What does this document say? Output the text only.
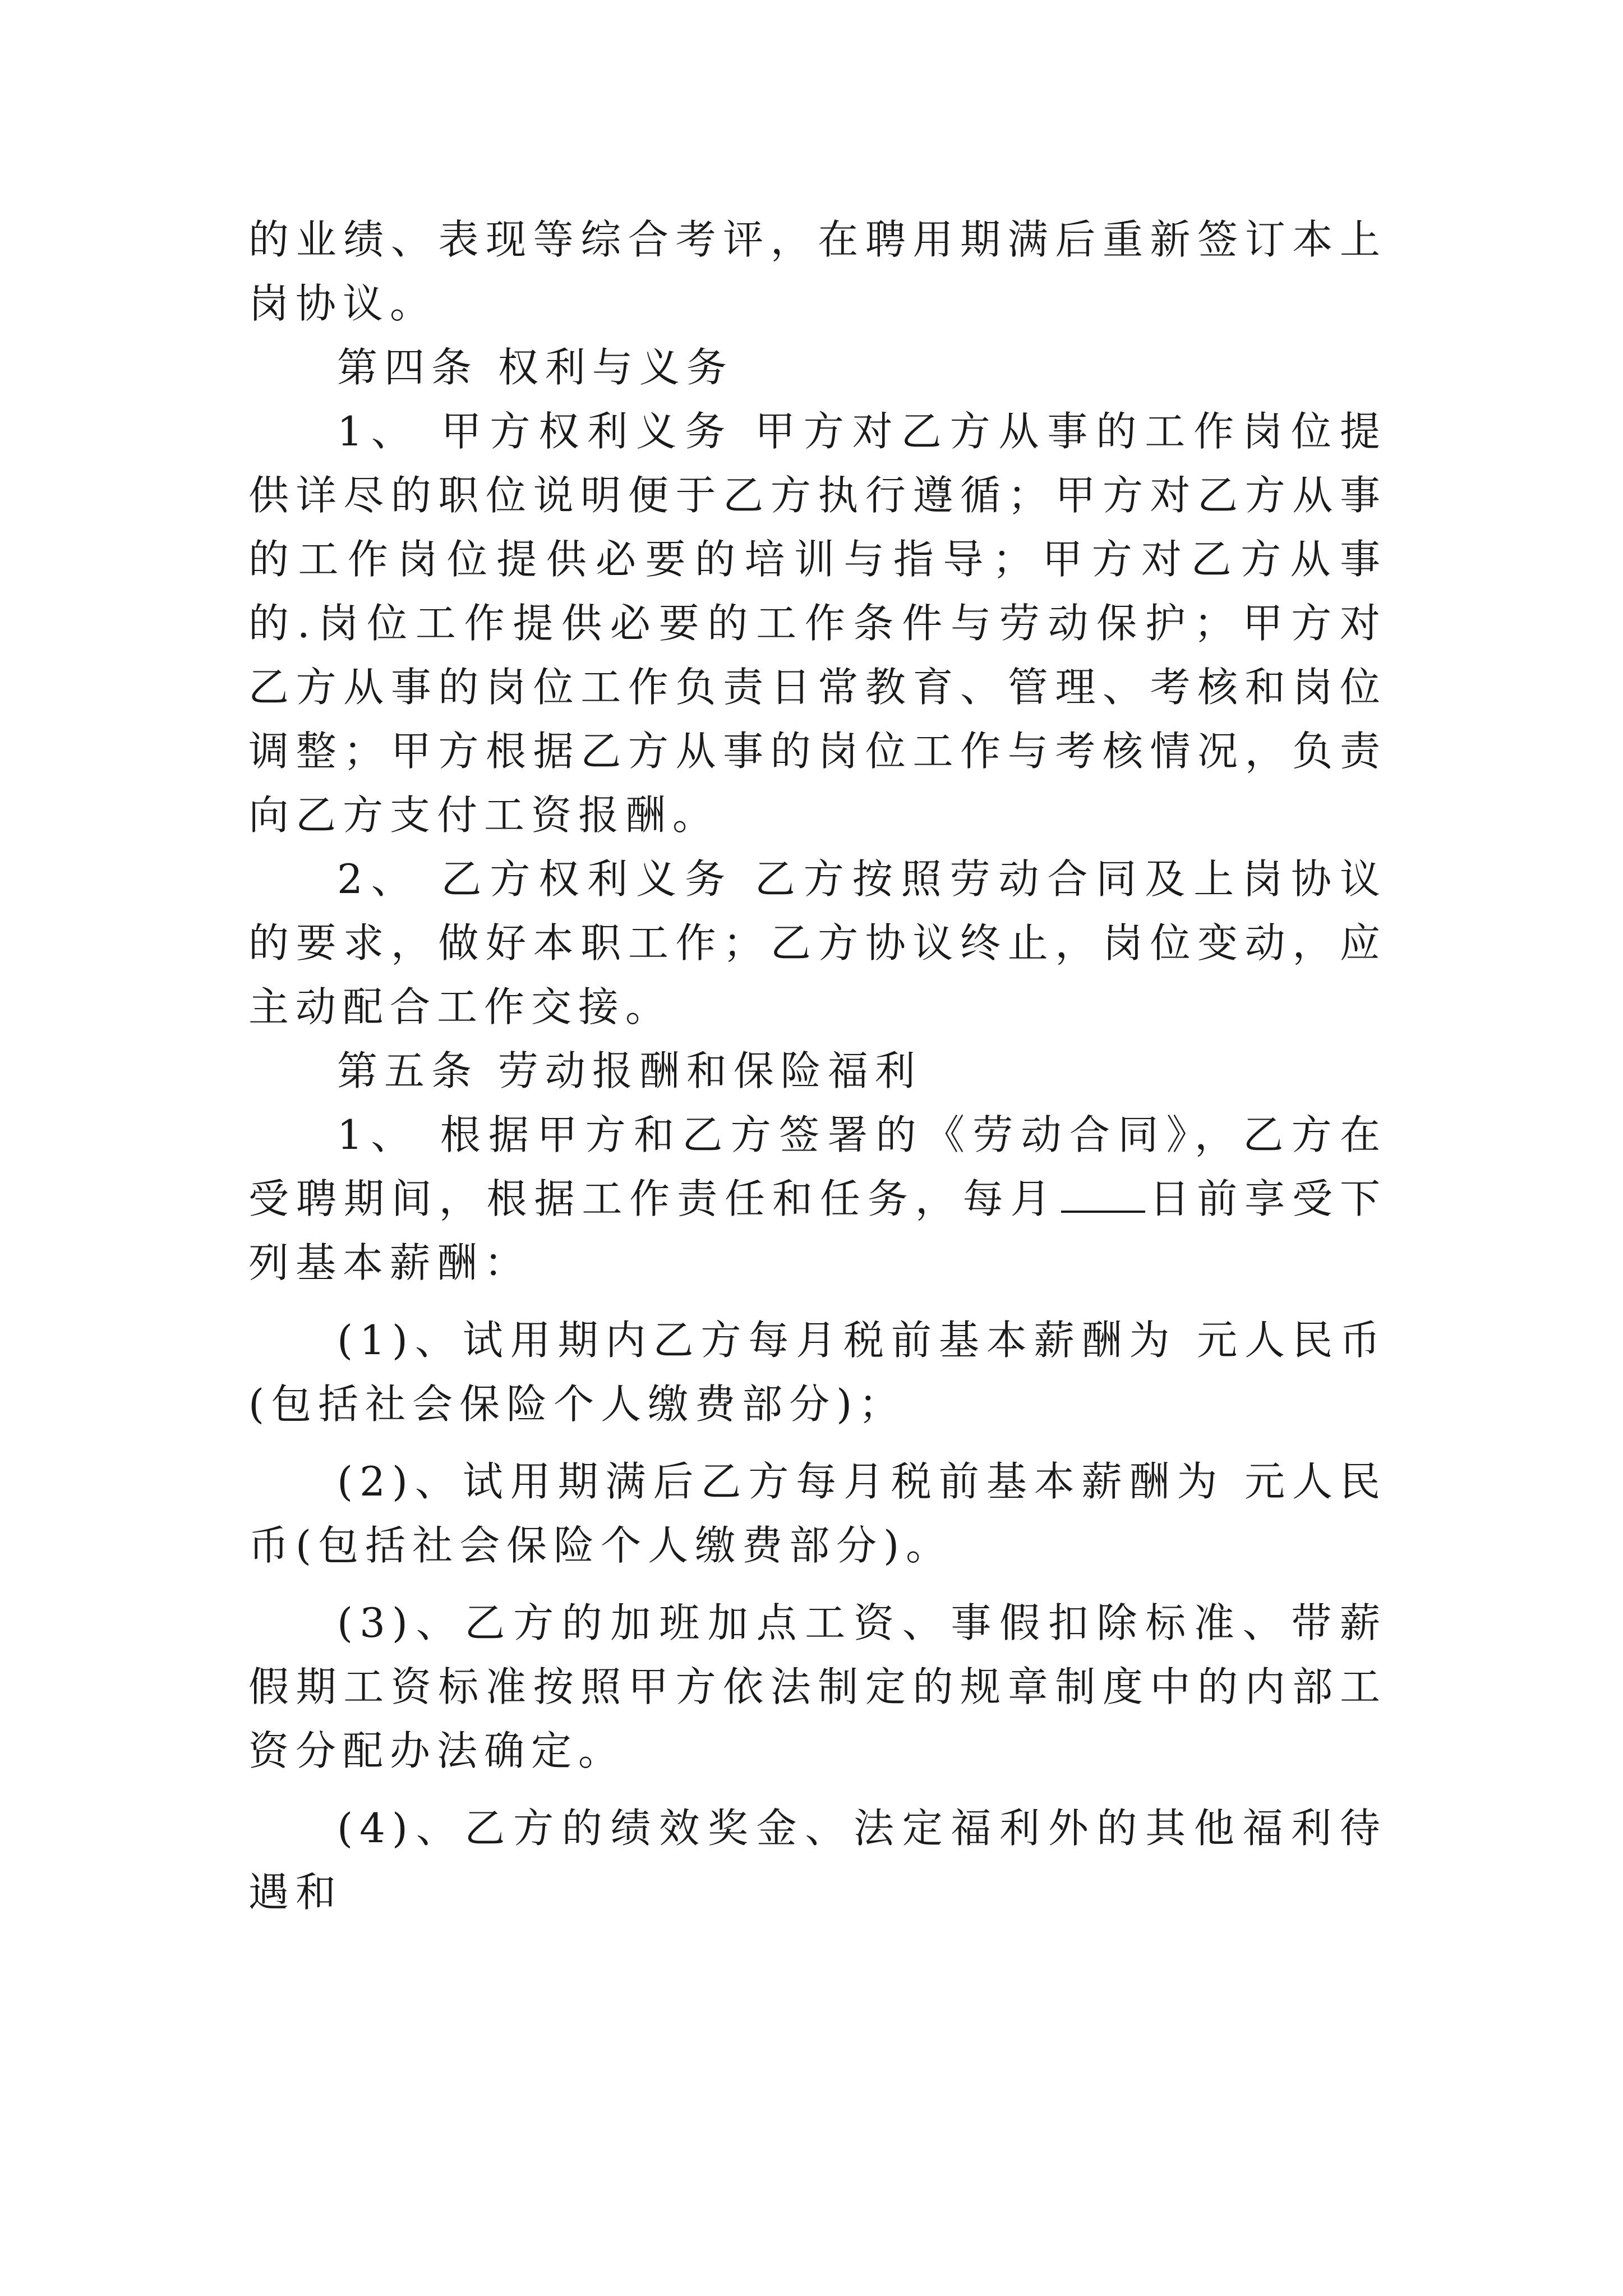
的业绩、表现等综合考评，在聘用期满后重新签订本上岗协议。

第四条 权利与义务

1、 甲方权利义务 甲方对乙方从事的工作岗位提供详尽的职位说明便于乙方执行遵循；甲方对乙方从事的工作岗位提供必要的培训与指导；甲方对乙方从事的.岗位工作提供必要的工作条件与劳动保护；甲方对乙方从事的岗位工作负责日常教育、管理、考核和岗位调整；甲方根据乙方从事的岗位工作与考核情况，负责向乙方支付工资报酬。

2、 乙方权利义务 乙方按照劳动合同及上岗协议的要求，做好本职工作；乙方协议终止，岗位变动，应主动配合工作交接。

第五条 劳动报酬和保险福利

1、 根据甲方和乙方签署的《劳动合同》，乙方在受聘期间，根据工作责任和任务，每月 日前享受下列基本薪酬：

(1)、试用期内乙方每月税前基本薪酬为 元人民币(包括社会保险个人缴费部分)；

(2)、试用期满后乙方每月税前基本薪酬为 元人民币(包括社会保险个人缴费部分)。

(3)、乙方的加班加点工资、事假扣除标准、带薪假期工资标准按照甲方依法制定的规章制度中的内部工资分配办法确定。

(4)、乙方的绩效奖金、法定福利外的其他福利待遇和
